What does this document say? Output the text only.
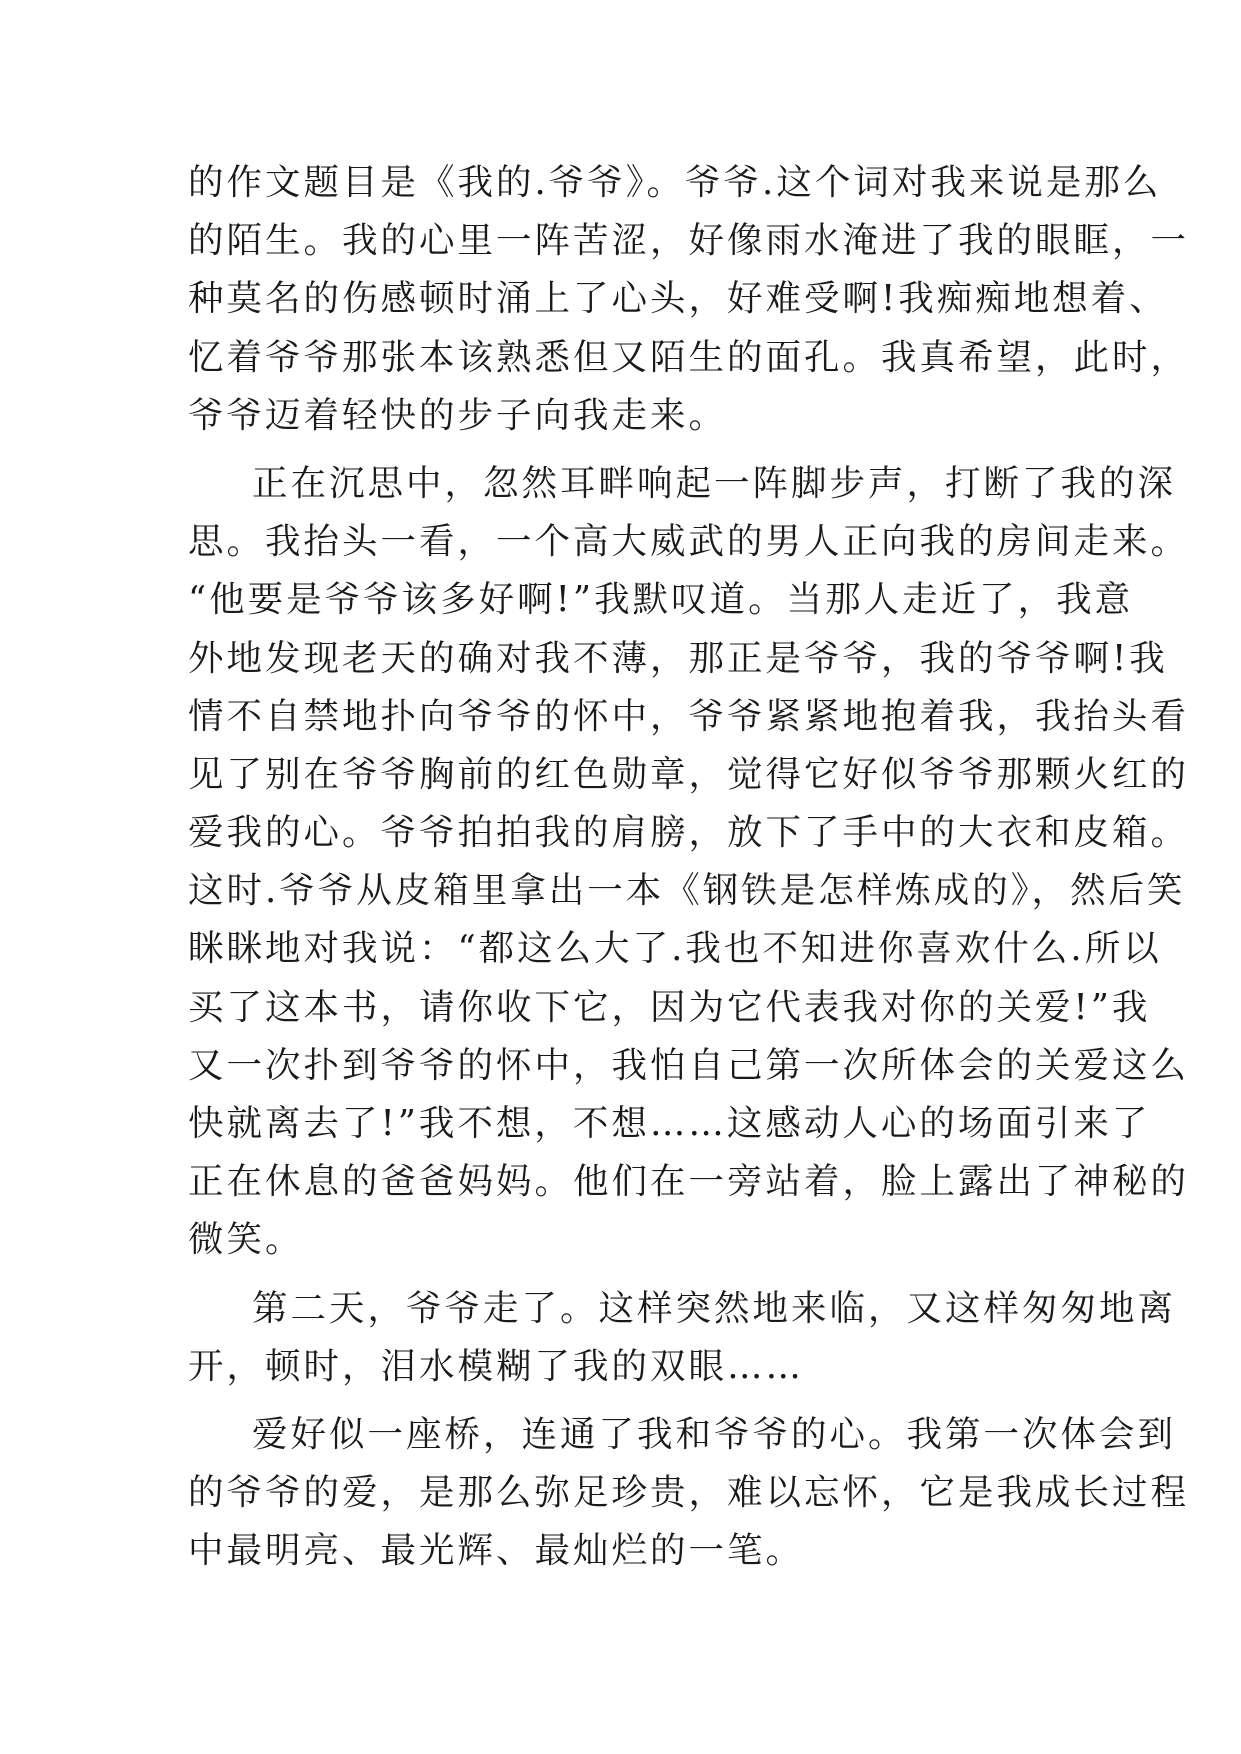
的作文题目是《我的.爷爷》。爷爷.这个词对我来说是那么
的陌生。我的心里一阵苦涩，好像雨水淹进了我的眼眶，一
种莫名的伤感顿时涌上了心头，好难受啊!我痴痴地想着、
忆着爷爷那张本该熟悉但又陌生的面孔。我真希望，此时，
爷爷迈着轻快的步子向我走来。
正在沉思中，忽然耳畔响起一阵脚步声，打断了我的深
思。我抬头一看，一个高大威武的男人正向我的房间走来。
“他要是爷爷该多好啊!”我默叹道。当那人走近了，我意
外地发现老天的确对我不薄，那正是爷爷，我的爷爷啊!我
情不自禁地扑向爷爷的怀中，爷爷紧紧地抱着我，我抬头看
见了别在爷爷胸前的红色勋章，觉得它好似爷爷那颗火红的
爱我的心。爷爷拍拍我的肩膀，放下了手中的大衣和皮箱。
这时.爷爷从皮箱里拿出一本《钢铁是怎样炼成的》，然后笑
眯眯地对我说：“都这么大了.我也不知进你喜欢什么.所以
买了这本书，请你收下它，因为它代表我对你的关爱!”我
又一次扑到爷爷的怀中，我怕自己第一次所体会的关爱这么
快就离去了!”我不想，不想……这感动人心的场面引来了
正在休息的爸爸妈妈。他们在一旁站着，脸上露出了神秘的
微笑。
第二天，爷爷走了。这样突然地来临，又这样匆匆地离
开，顿时，泪水模糊了我的双眼……
爱好似一座桥，连通了我和爷爷的心。我第一次体会到
的爷爷的爱，是那么弥足珍贵，难以忘怀，它是我成长过程
中最明亮、最光辉、最灿烂的一笔。
